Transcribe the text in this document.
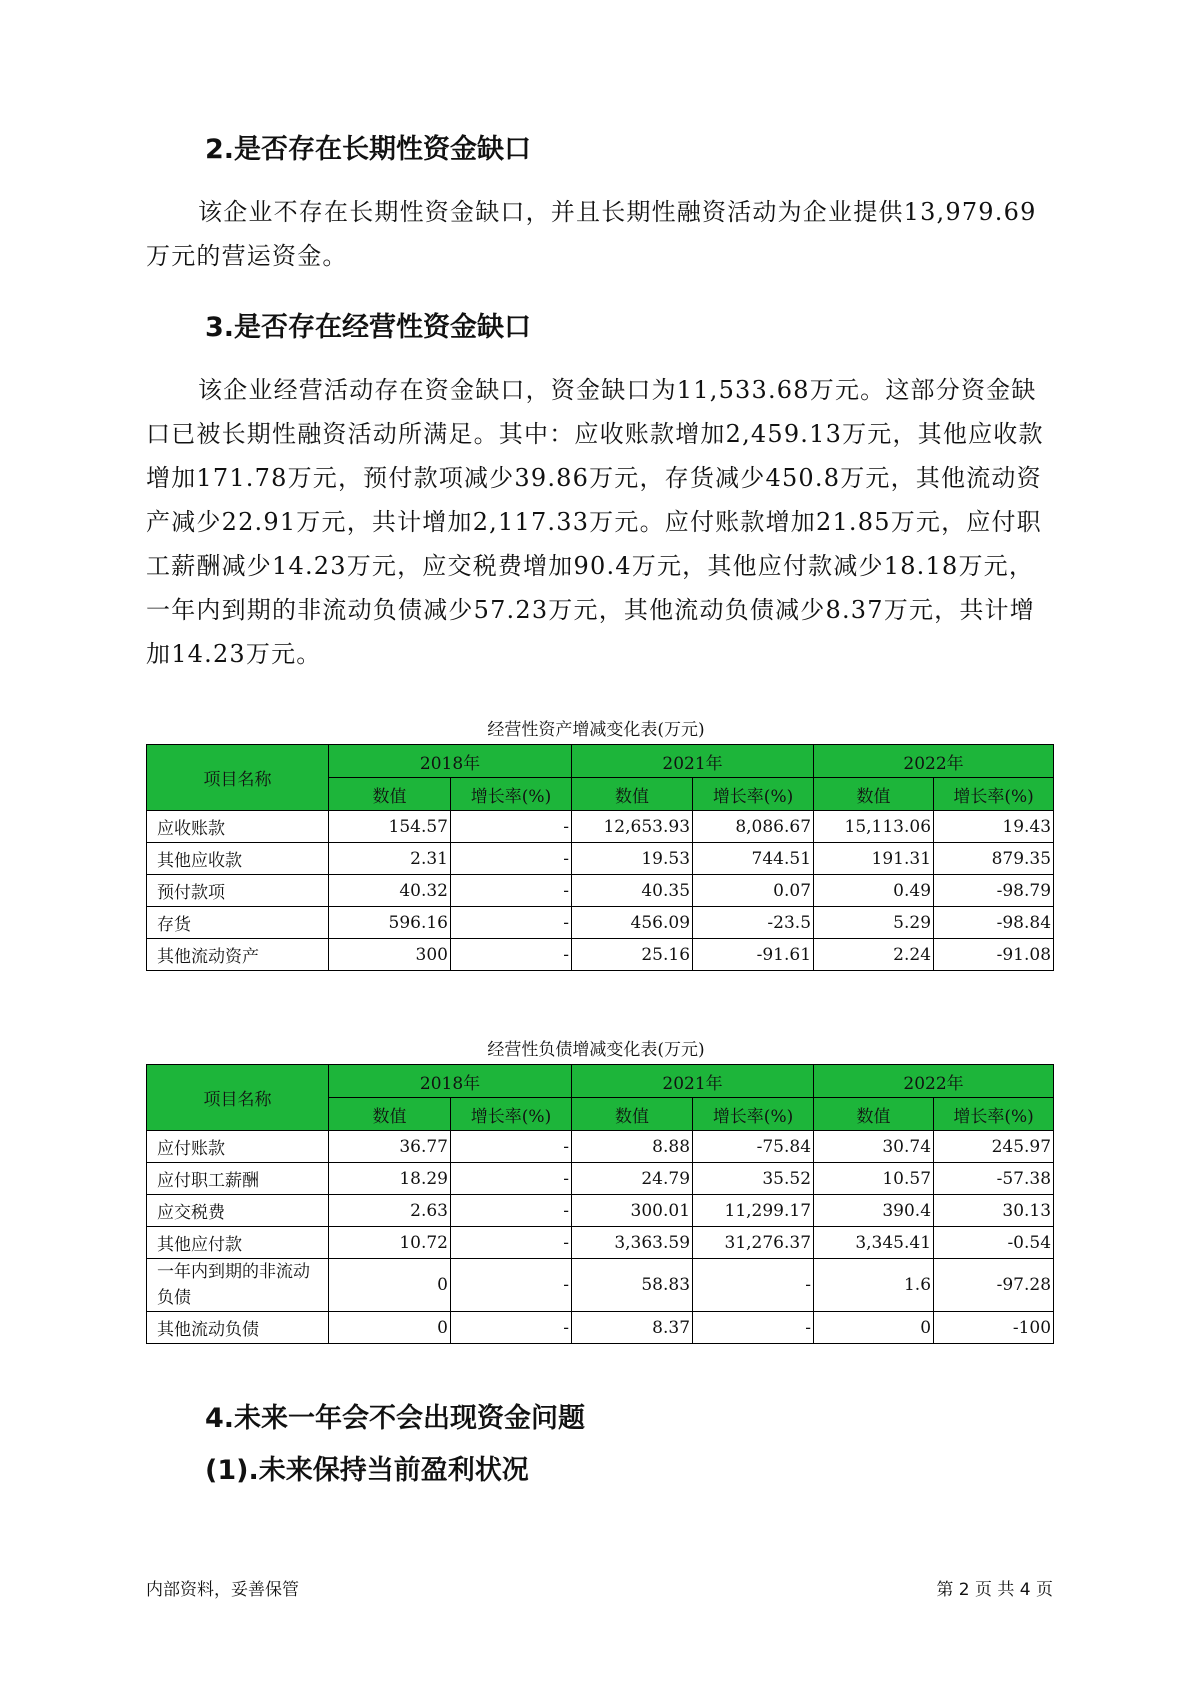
2.是否存在长期性资金缺口

该企业不存在长期性资金缺口，并且长期性融资活动为企业提供13,979.69万元的营运资金。

3.是否存在经营性资金缺口

该企业经营活动存在资金缺口，资金缺口为11,533.68万元。这部分资金缺口已被长期性融资活动所满足。其中：应收账款增加2,459.13万元，其他应收款增加171.78万元，预付款项减少39.86万元，存货减少450.8万元，其他流动资产减少22.91万元，共计增加2,117.33万元。应付账款增加21.85万元，应付职工薪酬减少14.23万元，应交税费增加90.4万元，其他应付款减少18.18万元，一年内到期的非流动负债减少57.23万元，其他流动负债减少8.37万元，共计增加14.23万元。

经营性资产增减变化表(万元)
项目名称	2018年		2021年		2022年	
	数值	增长率(%)	数值	增长率(%)	数值	增长率(%)
应收账款	154.57	-	12,653.93	8,086.67	15,113.06	19.43
其他应收款	2.31	-	19.53	744.51	191.31	879.35
预付款项	40.32	-	40.35	0.07	0.49	-98.79
存货	596.16	-	456.09	-23.5	5.29	-98.84
其他流动资产	300	-	25.16	-91.61	2.24	-91.08
经营性负债增减变化表(万元)
项目名称	2018年		2021年		2022年	
	数值	增长率(%)	数值	增长率(%)	数值	增长率(%)
应付账款	36.77	-	8.88	-75.84	30.74	245.97
应付职工薪酬	18.29	-	24.79	35.52	10.57	-57.38
应交税费	2.63	-	300.01	11,299.17	390.4	30.13
其他应付款	10.72	-	3,363.59	31,276.37	3,345.41	-0.54
一年内到期的非流动负债	0	-	58.83	-	1.6	-97.28
其他流动负债	0	-	8.37	-	0	-100
4.未来一年会不会出现资金问题
(1).未来保持当前盈利状况
内部资料，妥善保管	第 2 页 共 4 页
